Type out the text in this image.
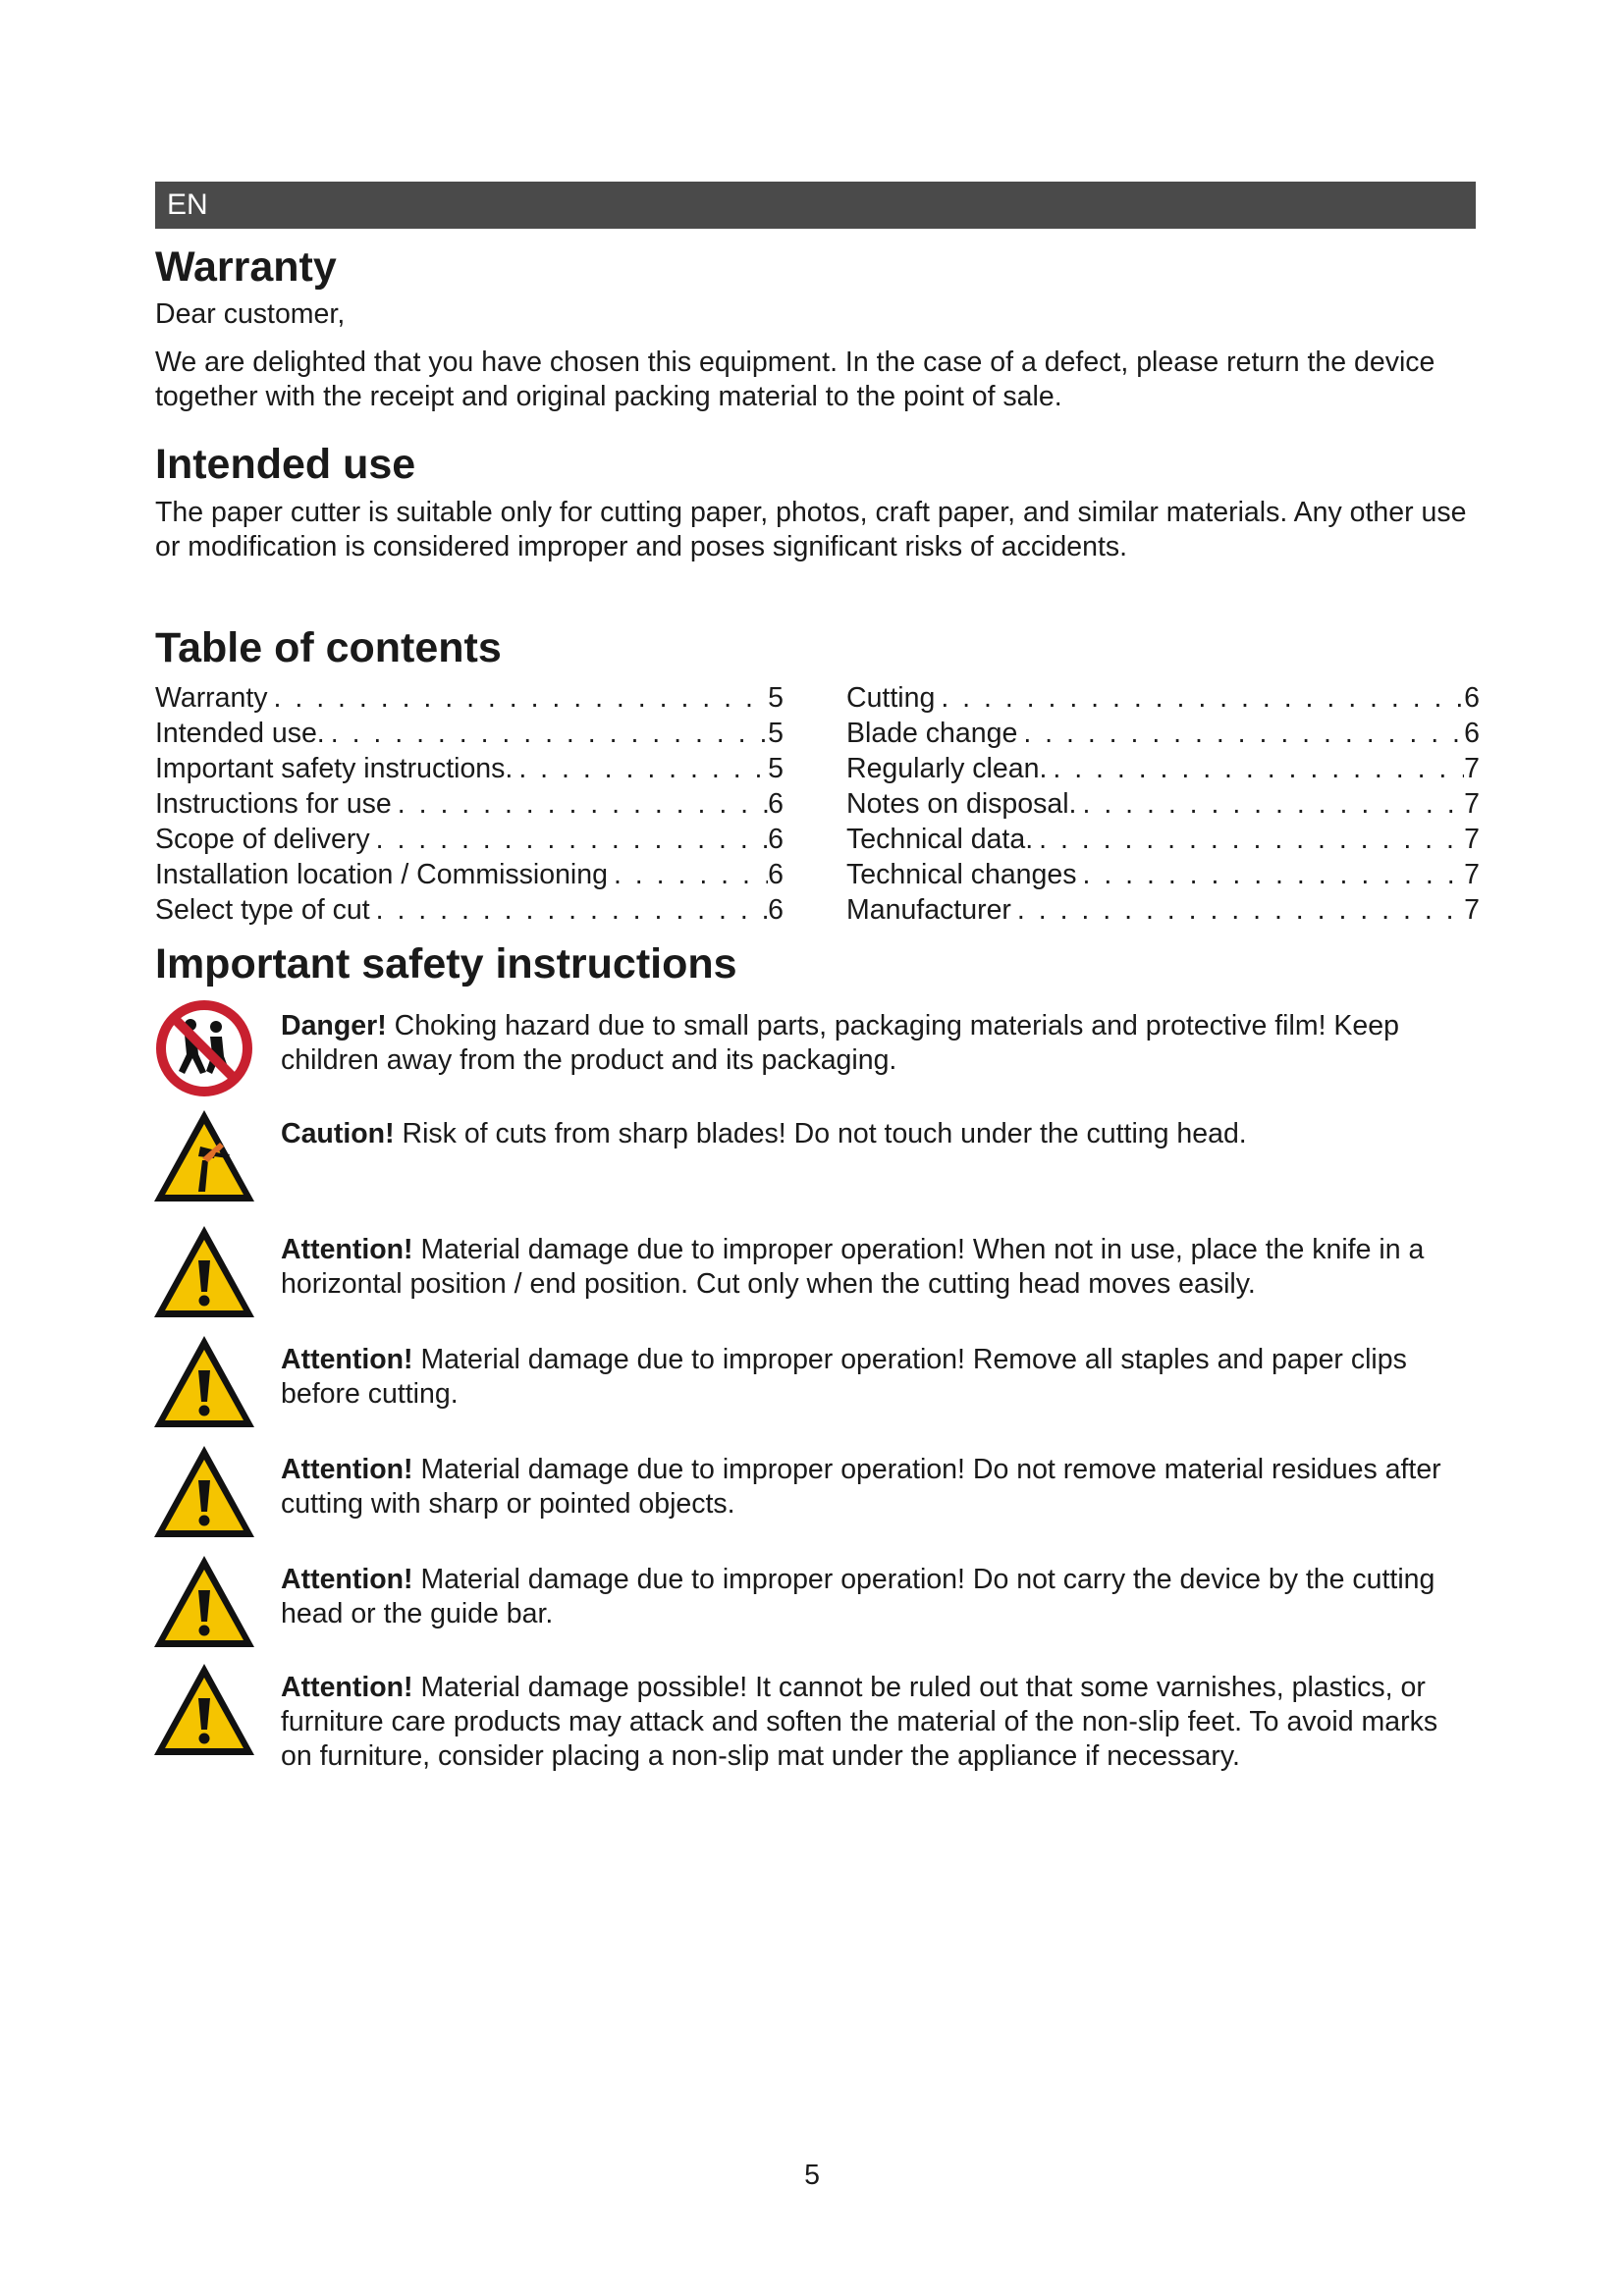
EN
Warranty

Dear customer,

We are delighted that you have chosen this equipment. In the case of a defect, please return the device together with the receipt and original packing material to the point of sale.

Intended use

The paper cutter is suitable only for cutting paper, photos, craft paper, and similar materials. Any other use or modification is considered improper and poses significant risks of accidents.

Table of contents
Warranty . . .	5
Intended use. . . .	5
Important safety instructions. . . .	5
Instructions for use . . .	6
Scope of delivery . . .	6
Installation location / Commissioning . . .	6
Select type of cut . . .	6
Cutting . . .	6
Blade change . . .	6
Regularly clean. . . .	7
Notes on disposal. . . .	7
Technical data. . . .	7
Technical changes . . .	7
Manufacturer . . .	7
Important safety instructions

Danger! Choking hazard due to small parts, packaging materials and protective film! Keep children away from the product and its packaging.

Caution! Risk of cuts from sharp blades! Do not touch under the cutting head.

Attention! Material damage due to improper operation! When not in use, place the knife in a horizontal position / end position. Cut only when the cutting head moves easily.

Attention! Material damage due to improper operation! Remove all staples and paper clips before cutting.

Attention! Material damage due to improper operation! Do not remove material residues after cutting with sharp or pointed objects.

Attention! Material damage due to improper operation! Do not carry the device by the cutting head or the guide bar.

Attention! Material damage possible! It cannot be ruled out that some varnishes, plastics, or furniture care products may attack and soften the material of the non-slip feet. To avoid marks on furniture, consider placing a non-slip mat under the appliance if necessary.

5
